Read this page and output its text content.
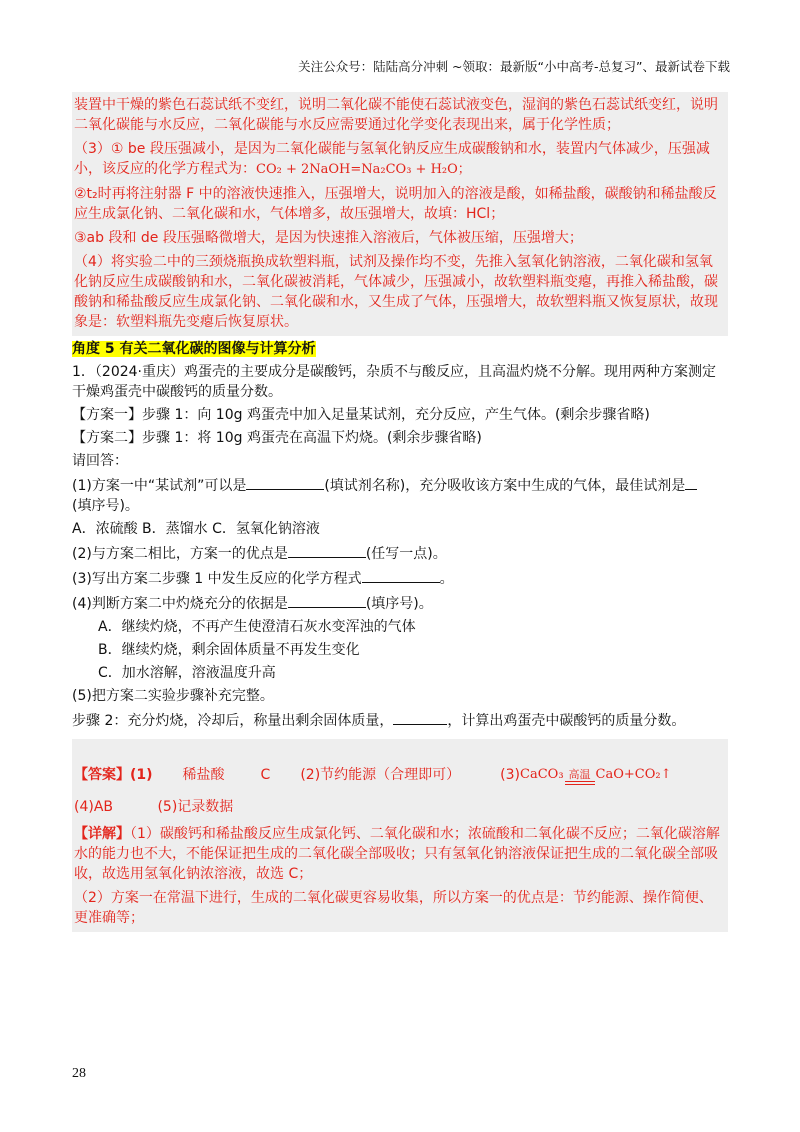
关注公众号：陆陆高分冲刺 ~领取：最新版“小中高考-总复习”、最新试卷下载

装置中干燥的紫色石蕊试纸不变红，说明二氧化碳不能使石蕊试液变色，湿润的紫色石蕊试纸变红，说明二氧化碳能与水反应，二氧化碳能与水反应需要通过化学变化表现出来，属于化学性质；

（3）① be 段压强减小，是因为二氧化碳能与氢氧化钠反应生成碳酸钠和水，装置内气体减少，压强减小，该反应的化学方程式为：CO₂ + 2NaOH=Na₂CO₃ + H₂O；

②t₂时再将注射器 F 中的溶液快速推入，压强增大，说明加入的溶液是酸，如稀盐酸，碳酸钠和稀盐酸反应生成氯化钠、二氧化碳和水，气体增多，故压强增大，故填：HCl；

③ab 段和 de 段压强略微增大，是因为快速推入溶液后，气体被压缩，压强增大；

（4）将实验二中的三颈烧瓶换成软塑料瓶，试剂及操作均不变，先推入氢氧化钠溶液，二氧化碳和氢氧化钠反应生成碳酸钠和水，二氧化碳被消耗，气体减少，压强减小，故软塑料瓶变瘪，再推入稀盐酸，碳酸钠和稀盐酸反应生成氯化钠、二氧化碳和水，又生成了气体，压强增大，故软塑料瓶又恢复原状，故现象是：软塑料瓶先变瘪后恢复原状。

角度 5 有关二氧化碳的图像与计算分析

1．（2024·重庆）鸡蛋壳的主要成分是碳酸钙，杂质不与酸反应，且高温灼烧不分解。现用两种方案测定干燥鸡蛋壳中碳酸钙的质量分数。

【方案一】步骤 1：向 10g 鸡蛋壳中加入足量某试剂，充分反应，产生气体。(剩余步骤省略)

【方案二】步骤 1：将 10g 鸡蛋壳在高温下灼烧。(剩余步骤省略)

请回答：

(1)方案一中“某试剂”可以是	(填试剂名称)，充分吸收该方案中生成的气体，最佳试剂是
(填序号)。

A．浓硫酸 B．蒸馏水 C．氢氧化钠溶液

(2)与方案二相比，方案一的优点是	(任写一点)。

(3)写出方案二步骤 1 中发生反应的化学方程式	。

(4)判断方案二中灼烧充分的依据是	(填序号)。

A．继续灼烧，不再产生使澄清石灰水变浑浊的气体

B．继续灼烧，剩余固体质量不再发生变化

C．加水溶解，溶液温度升高

(5)把方案二实验步骤补充完整。

步骤 2：充分灼烧，冷却后，称量出剩余固体质量，	，计算出鸡蛋壳中碳酸钙的质量分数。

【答案】(1) 稀盐酸	C (2)节约能源（合理即可）	(3) CaCO₃ 高温 CaO+CO₂↑
(4)AB	(5)记录数据

【详解】（1）碳酸钙和稀盐酸反应生成氯化钙、二氧化碳和水；浓硫酸和二氧化碳不反应；二氧化碳溶解水的能力也不大，不能保证把生成的二氧化碳全部吸收；只有氢氧化钠溶液保证把生成的二氧化碳全部吸收，故选用氢氧化钠浓溶液，故选 C；

（2）方案一在常温下进行，生成的二氧化碳更容易收集，所以方案一的优点是：节约能源、操作简便、更准确等；

28
